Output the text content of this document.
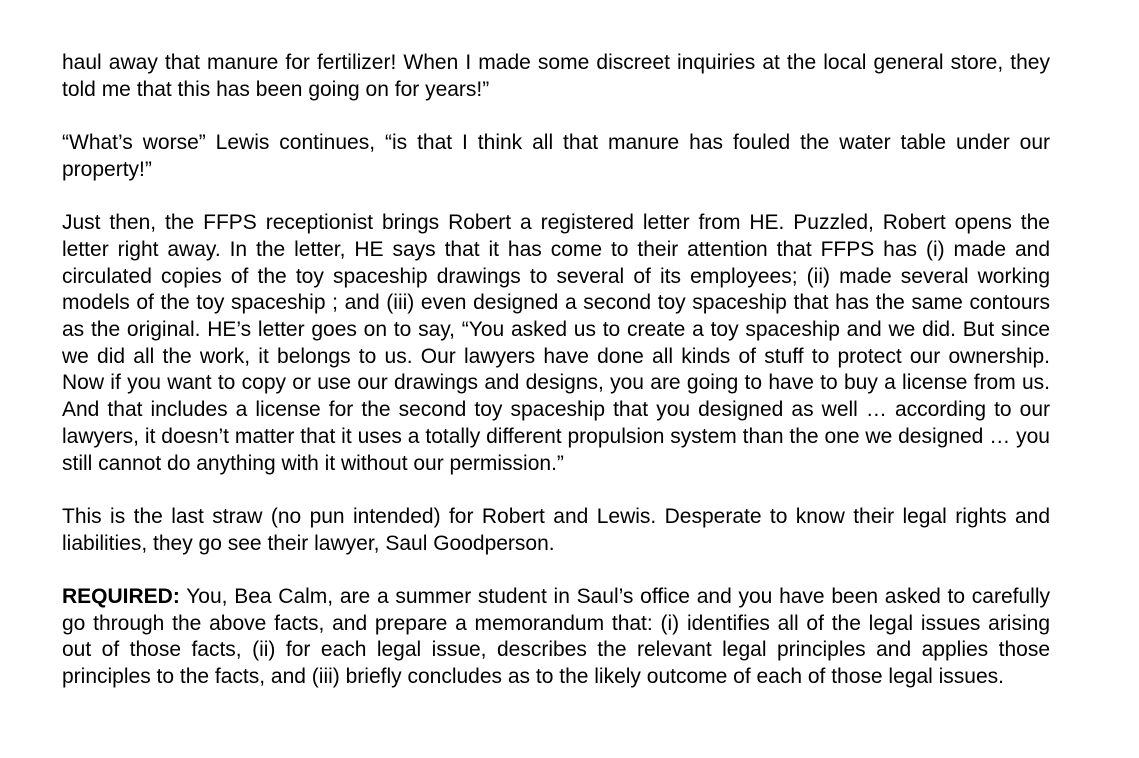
haul away that manure for fertilizer! When I made some discreet inquiries at the local general store, they told me that this has been going on for years!”

“What’s worse” Lewis continues, “is that I think all that manure has fouled the water table under our property!”

Just then, the FFPS receptionist brings Robert a registered letter from HE. Puzzled, Robert opens the letter right away. In the letter, HE says that it has come to their attention that FFPS has (i) made and circulated copies of the toy spaceship drawings to several of its employees; (ii) made several working models of the toy spaceship ; and (iii) even designed a second toy spaceship that has the same contours as the original. HE’s letter goes on to say, “You asked us to create a toy spaceship and we did. But since we did all the work, it belongs to us. Our lawyers have done all kinds of stuff to protect our ownership. Now if you want to copy or use our drawings and designs, you are going to have to buy a license from us. And that includes a license for the second toy spaceship that you designed as well … according to our lawyers, it doesn’t matter that it uses a totally different propulsion system than the one we designed … you still cannot do anything with it without our permission.”

This is the last straw (no pun intended) for Robert and Lewis. Desperate to know their legal rights and liabilities, they go see their lawyer, Saul Goodperson.

REQUIRED: You, Bea Calm, are a summer student in Saul’s office and you have been asked to carefully go through the above facts, and prepare a memorandum that: (i) identifies all of the legal issues arising out of those facts, (ii) for each legal issue, describes the relevant legal principles and applies those principles to the facts, and (iii) briefly concludes as to the likely outcome of each of those legal issues.
